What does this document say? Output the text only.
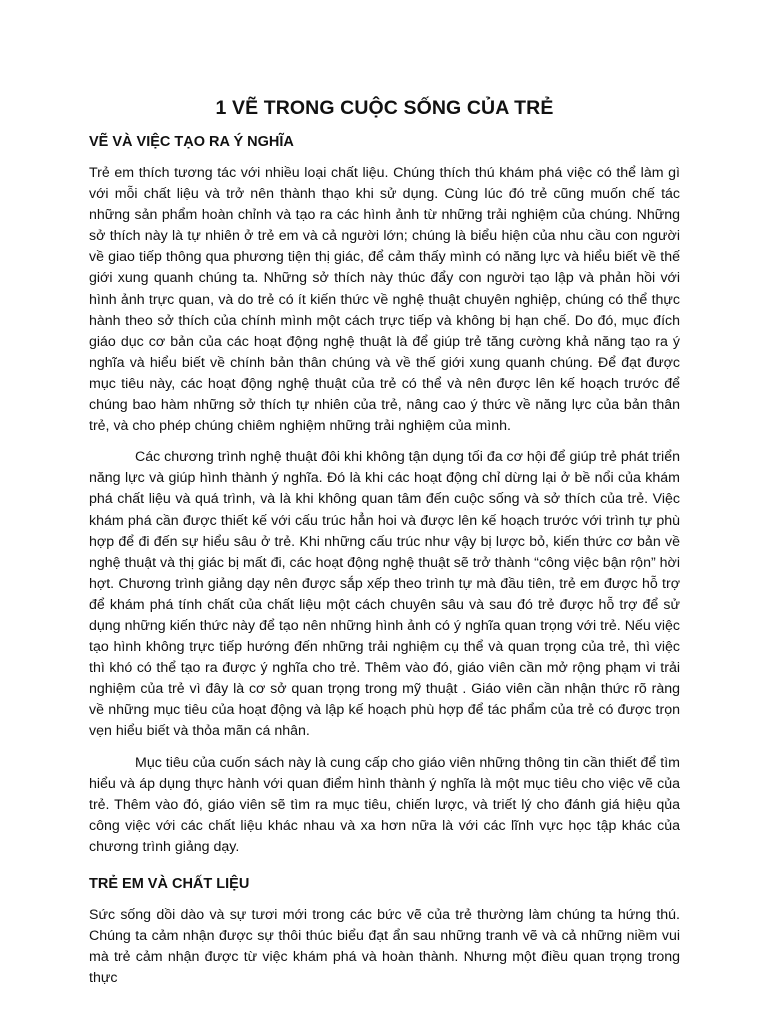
1 VẼ TRONG CUỘC SỐNG CỦA TRẺ
VẼ VÀ VIỆC TẠO RA Ý NGHĨA

Trẻ em thích tương tác với nhiều loại chất liệu. Chúng thích thú khám phá việc có thể làm gì với mỗi chất liệu và trở nên thành thạo khi sử dụng. Cùng lúc đó trẻ cũng muốn chế tác những sản phẩm hoàn chỉnh và tạo ra các hình ảnh từ những trải nghiệm của chúng. Những sở thích này là tự nhiên ở trẻ em và cả người lớn; chúng là biểu hiện của nhu cầu con người về giao tiếp thông qua phương tiện thị giác, để cảm thấy mình có năng lực và hiểu biết về thế giới xung quanh chúng ta. Những sở thích này thúc đẩy con người tạo lập và phản hồi với hình ảnh trực quan, và do trẻ có ít kiến thức về nghệ thuật chuyên nghiệp, chúng có thể thực hành theo sở thích của chính mình một cách trực tiếp và không bị hạn chế. Do đó, mục đích giáo dục cơ bản của các hoạt động nghệ thuật là để giúp trẻ tăng cường khả năng tạo ra ý nghĩa và hiểu biết về chính bản thân chúng và về thế giới xung quanh chúng. Để đạt được mục tiêu này, các hoạt động nghệ thuật của trẻ có thể và nên được lên kế hoạch trước để chúng bao hàm những sở thích tự nhiên của trẻ, nâng cao ý thức về năng lực của bản thân trẻ, và cho phép chúng chiêm nghiệm những trải nghiệm của mình.

Các chương trình nghệ thuật đôi khi không tận dụng tối đa cơ hội để giúp trẻ phát triển năng lực và giúp hình thành ý nghĩa. Đó là khi các hoạt động chỉ dừng lại ở bề nổi của khám phá chất liệu và quá trình, và là khi không quan tâm đến cuộc sống và sở thích của trẻ. Việc khám phá cần được thiết kế với cấu trúc hẳn hoi và được lên kế hoạch trước với trình tự phù hợp để đi đến sự hiểu sâu ở trẻ. Khi những cấu trúc như vậy bị lược bỏ, kiến thức cơ bản về nghệ thuật và thị giác bị mất đi, các hoạt động nghệ thuật sẽ trở thành “công việc bận rộn” hời hợt. Chương trình giảng dạy nên được sắp xếp theo trình tự mà đầu tiên, trẻ em được hỗ trợ để khám phá tính chất của chất liệu một cách chuyên sâu và sau đó trẻ được hỗ trợ để sử dụng những kiến thức này để tạo nên những hình ảnh có ý nghĩa quan trọng với trẻ. Nếu việc tạo hình không trực tiếp hướng đến những trải nghiệm cụ thể và quan trọng của trẻ, thì việc thì khó có thể tạo ra được ý nghĩa cho trẻ. Thêm vào đó, giáo viên cần mở rộng phạm vi trải nghiệm của trẻ vì đây là cơ sở quan trọng trong mỹ thuật . Giáo viên cần nhận thức rõ ràng về những mục tiêu của hoạt động và lập kế hoạch phù hợp để tác phẩm của trẻ có được trọn vẹn hiểu biết và thỏa mãn cá nhân.

Mục tiêu của cuốn sách này là cung cấp cho giáo viên những thông tin cần thiết để tìm hiểu và áp dụng thực hành với quan điểm hình thành ý nghĩa là một mục tiêu cho việc vẽ của trẻ. Thêm vào đó, giáo viên sẽ tìm ra mục tiêu, chiến lược, và triết lý cho đánh giá hiệu qủa công việc với các chất liệu khác nhau và xa hơn nữa là với các lĩnh vực học tập khác của chương trình giảng dạy.

TRẺ EM VÀ CHẤT LIỆU

Sức sống dồi dào và sự tươi mới trong các bức vẽ của trẻ thường làm chúng ta hứng thú. Chúng ta cảm nhận được sự thôi thúc biểu đạt ẩn sau những tranh vẽ và cả những niềm vui mà trẻ cảm nhận được từ việc khám phá và hoàn thành. Nhưng một điều quan trọng trong thực
